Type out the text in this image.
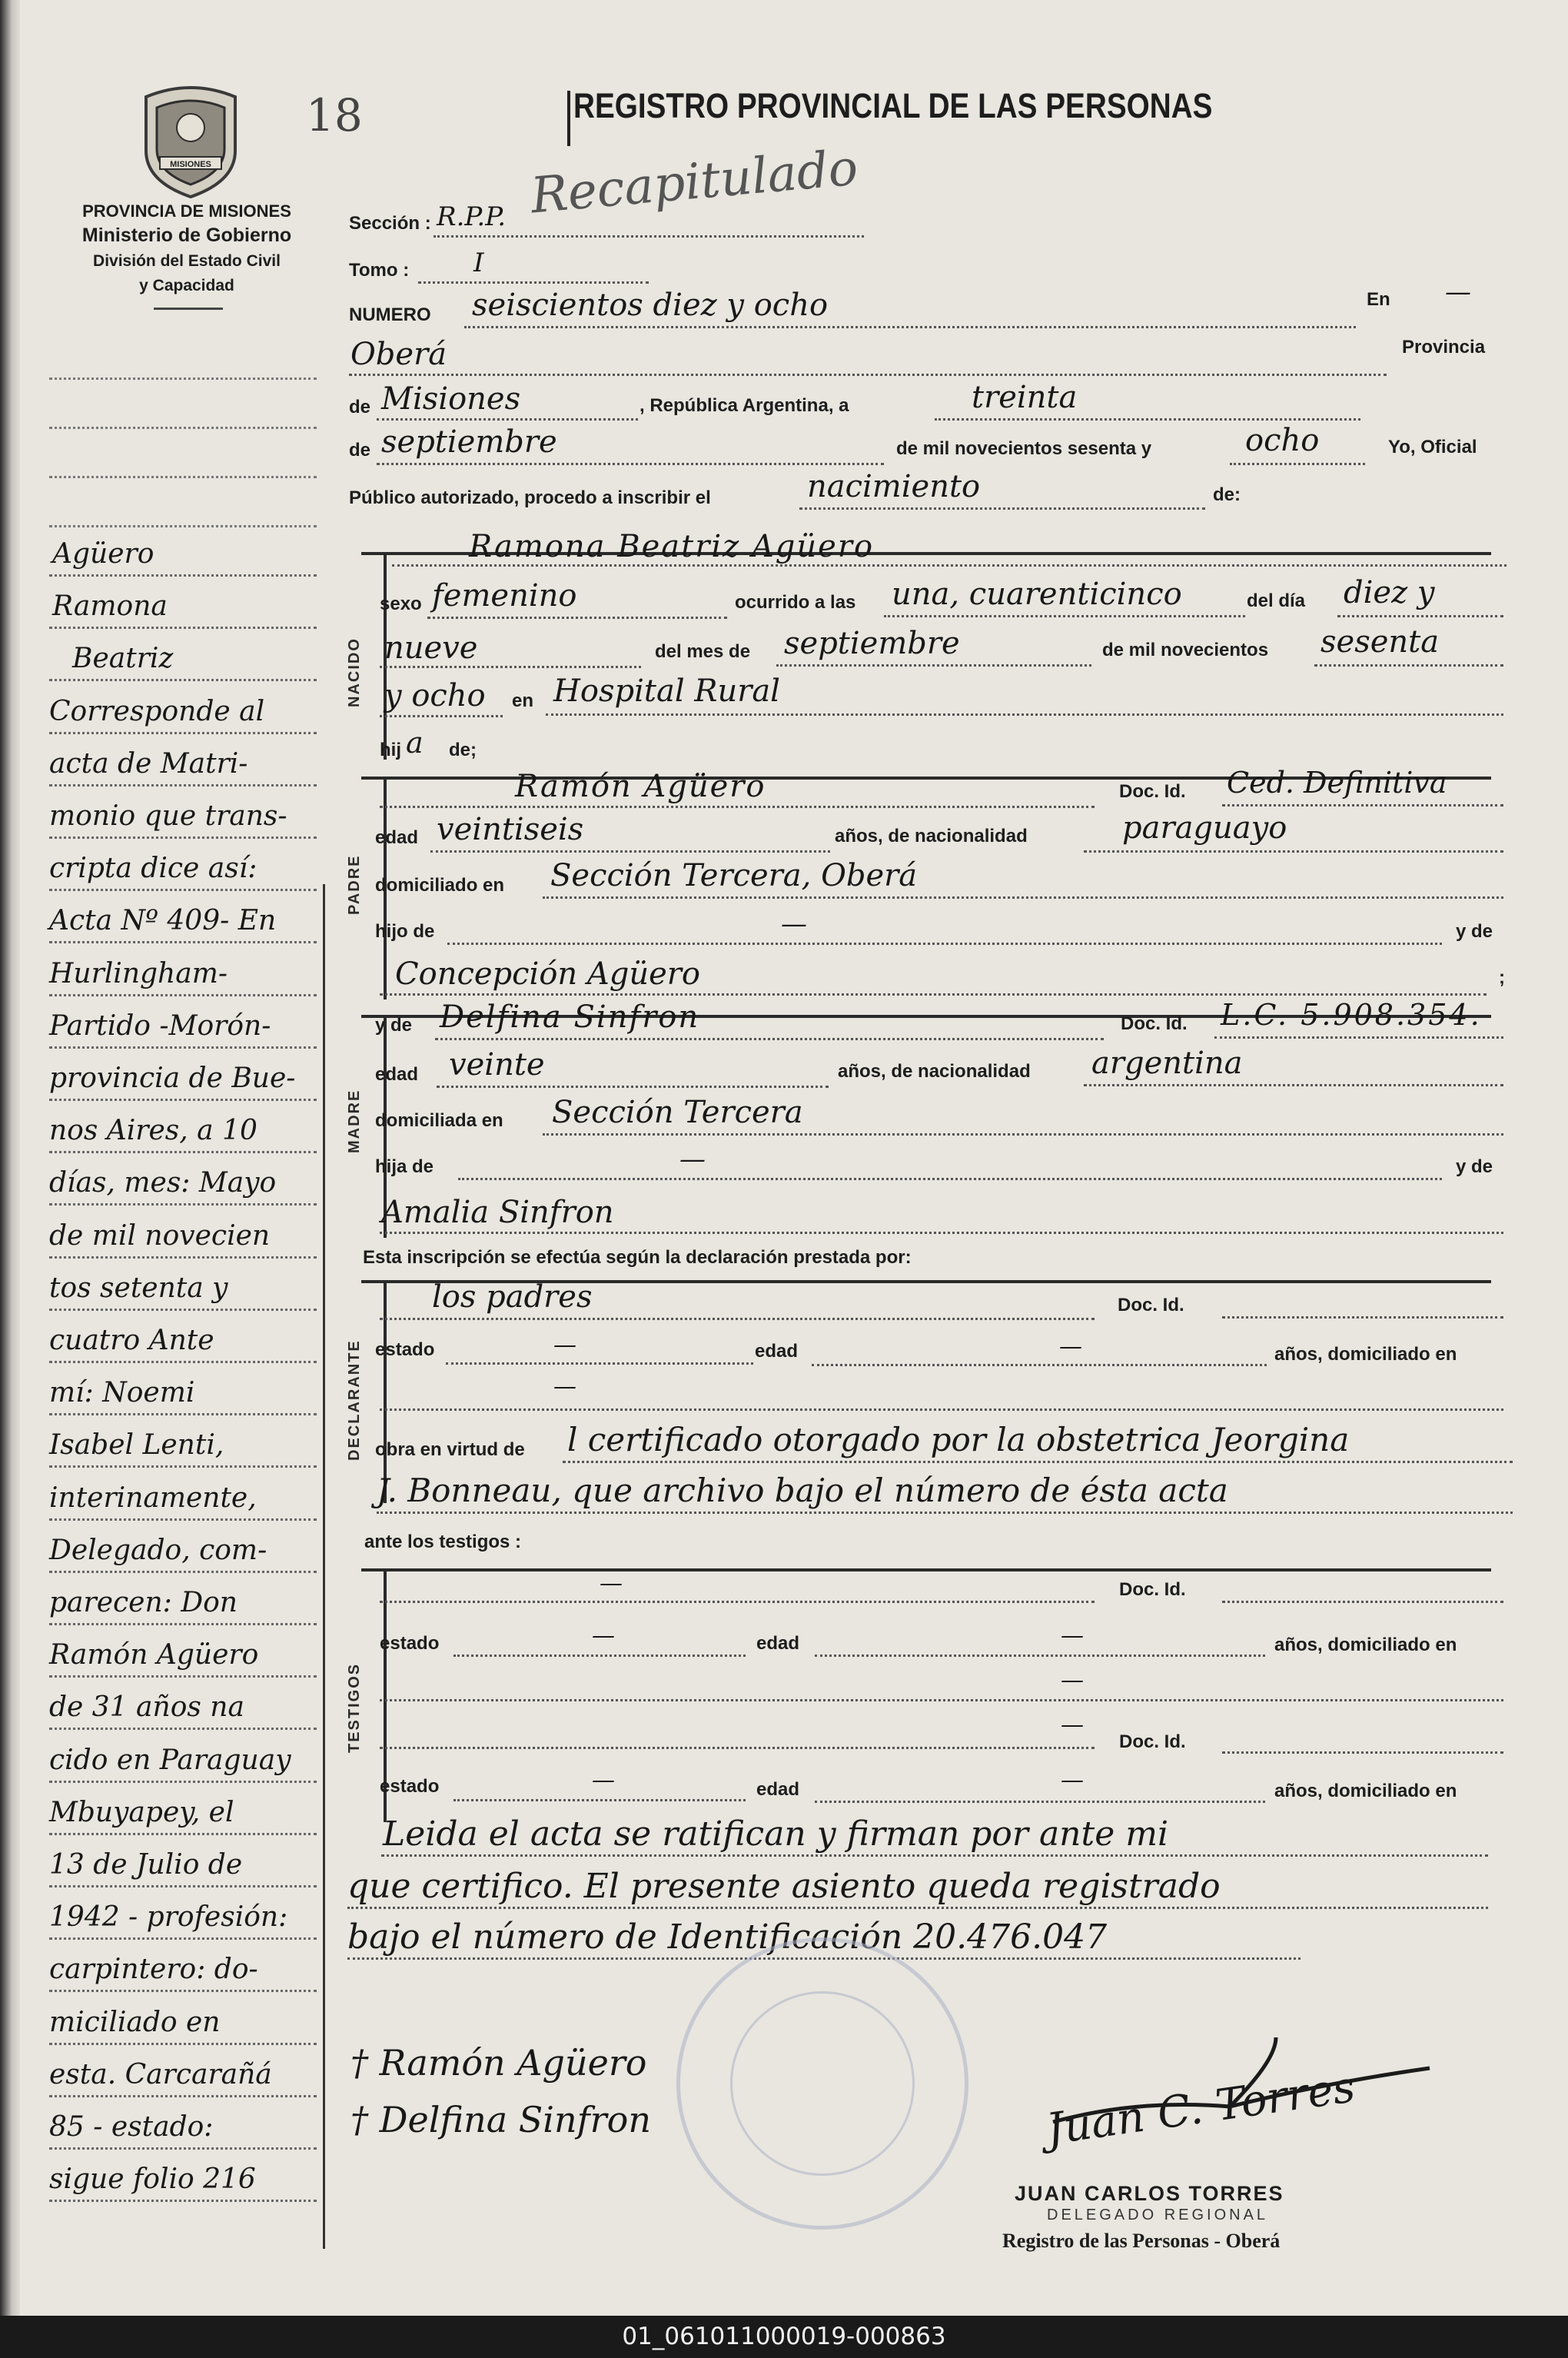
MISIONES
PROVINCIA DE MISIONES
Ministerio de Gobierno
División del Estado Civil
y Capacidad
18	REGISTRO PROVINCIAL DE LAS PERSONAS
Recapitulado
Agüero
Ramona
Beatriz
Corresponde al
acta de Matri-
monio que trans-
cripta dice así:
Acta Nº 409- En
Hurlingham-
Partido -Morón-
provincia de Bue-
nos Aires, a 10
días, mes: Mayo
de mil novecien
tos setenta y
cuatro Ante
mí: Noemi
Isabel Lenti,
interinamente,
Delegado, com-
parecen: Don
Ramón Agüero
de 31 años na
cido en Paraguay
Mbuyapey, el
13 de Julio de
1942 - profesión:
carpintero: do-
miciliado en
esta. Carcarañá
85 - estado:
sigue folio 216
NACIDO
PADRE
MADRE
DECLARANTE
TESTIGOS
Sección : R.P.P.
Tomo : I
NUMERO seiscientos diez y ocho	En —
Oberá	Provincia
de Misiones	, República Argentina, a	treinta
de septiembre	de mil novecientos sesenta y	ocho	Yo, Oficial
Público autorizado, procedo a inscribir el	nacimiento	de:
Ramona Beatriz Agüero
sexo femenino	ocurrido a las una, cuarenticinco	del día diez y
nueve	del mes de septiembre	de mil novecientos sesenta
y ocho en Hospital Rural
hij a de;
Ramón Agüero	Doc. Id. Ced. Definitiva
edad veintiseis	años, de nacionalidad	paraguayo
domiciliado en Sección Tercera, Oberá
hijo de	—	y de
Concepción Agüero	;
y de Delfina Sinfron	Doc. Id. L.C. 5.908.354.
edad veinte	años, de nacionalidad argentina
domiciliada en Sección Tercera
hija de	—	y de
Amalia Sinfron
Esta inscripción se efectúa según la declaración prestada por:
los padres	Doc. Id.
estado	—	edad	—	años, domiciliado en
—
obra en virtud de l certificado otorgado por la obstetrica Jeorgina
J. Bonneau, que archivo bajo el número de ésta acta
ante los testigos :
—	Doc. Id.
estado	—	edad	—	años, domiciliado en
—
—
Doc. Id.
estado	—	edad	—	años, domiciliado en
Leida el acta se ratifican y firman por ante mi
que certifico. El presente asiento queda registrado
bajo el número de Identificación 20.476.047
† Ramón Agüero
† Delfina Sinfron	Juan C. Torres
JUAN CARLOS TORRES
DELEGADO REGIONAL
Registro de las Personas - Oberá
01_061011000019-000863
